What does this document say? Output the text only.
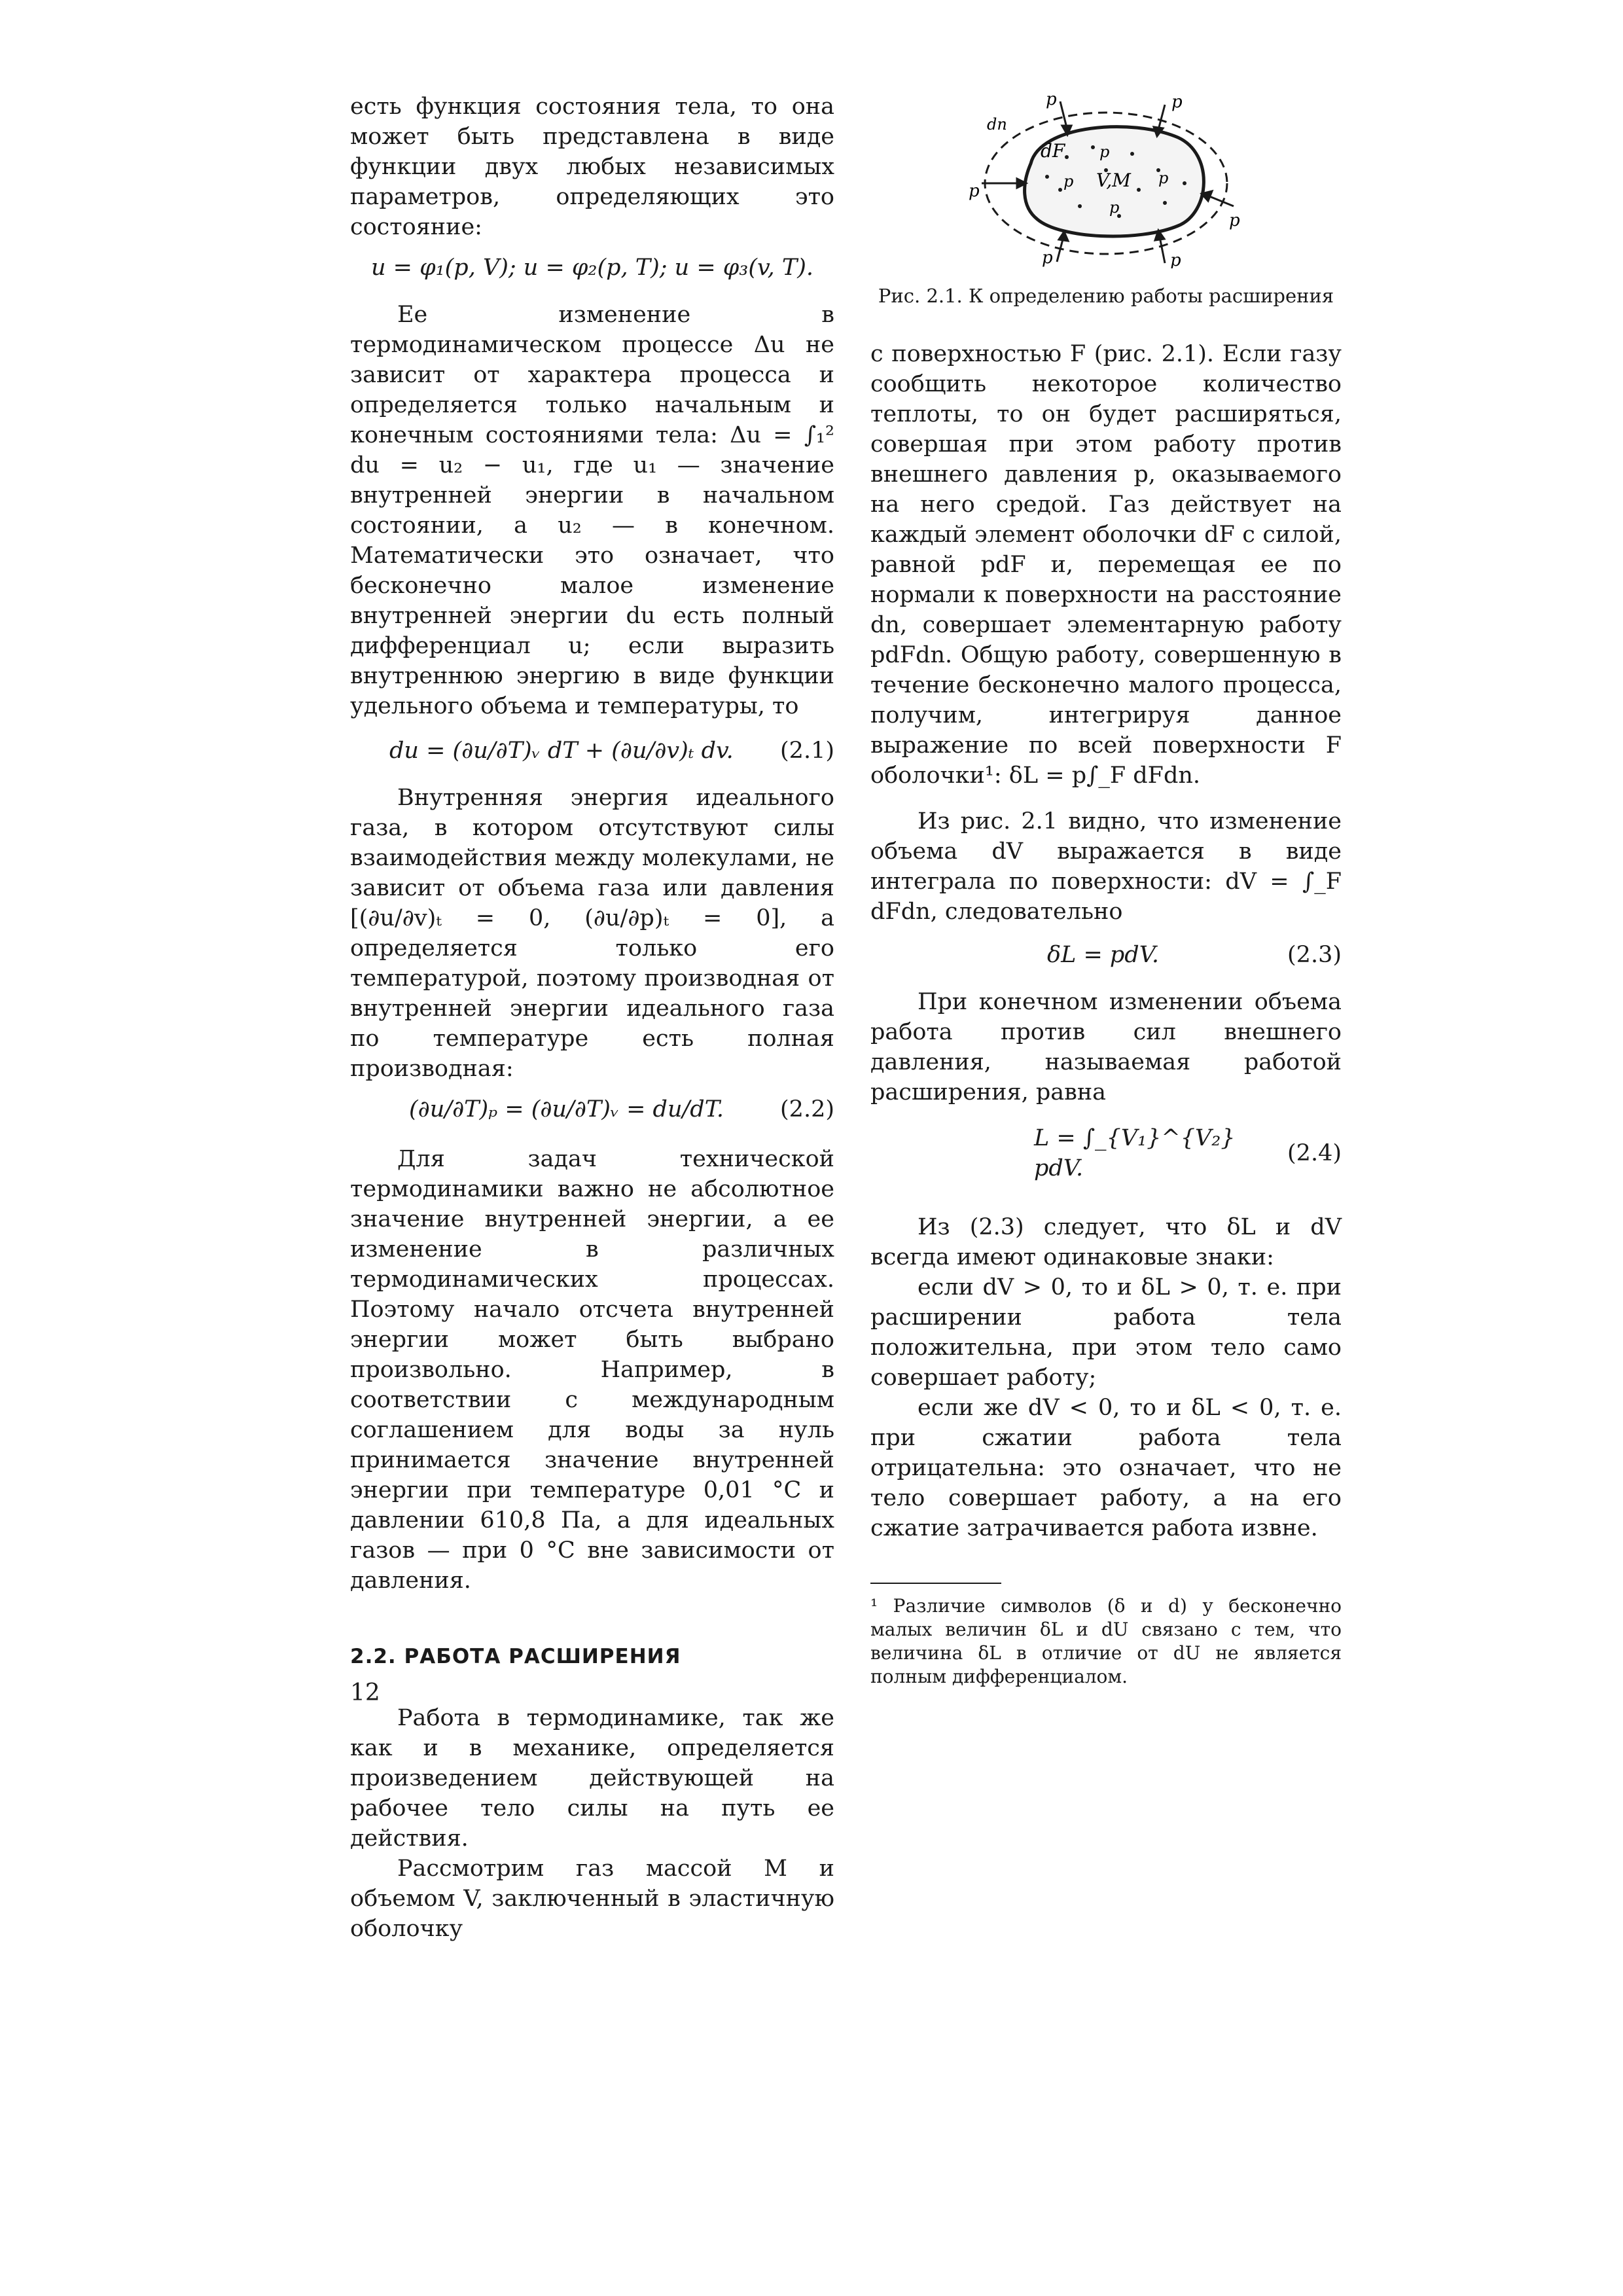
есть функция состояния тела, то она может быть представлена в виде функции двух любых независимых параметров, определяющих это состояние:

u = φ₁(p, V); u = φ₂(p, T); u = φ₃(v, T).

Ее изменение в термодинамическом процессе Δu не зависит от характера процесса и определяется только начальным и конечным состояниями тела: Δu = ∫₁² du = u₂ − u₁, где u₁ — значение внутренней энергии в начальном состоянии, а u₂ — в конечном. Математически это означает, что бесконечно малое изменение внутренней энергии du есть полный дифференциал u; если выразить внутреннюю энергию в виде функции удельного объема и температуры, то

du = (∂u/∂T)ᵥ dT + (∂u/∂v)ₜ dv. (2.1)

Внутренняя энергия идеального газа, в котором отсутствуют силы взаимодействия между молекулами, не зависит от объема газа или давления [(∂u/∂v)ₜ = 0, (∂u/∂p)ₜ = 0], а определяется только его температурой, поэтому производная от внутренней энергии идеального газа по температуре есть полная производная:

(∂u/∂T)ₚ = (∂u/∂T)ᵥ = du/dT. (2.2)

Для задач технической термодинамики важно не абсолютное значение внутренней энергии, а ее изменение в различных термодинамических процессах. Поэтому начало отсчета внутренней энергии может быть выбрано произвольно. Например, в соответствии с международным соглашением для воды за нуль принимается значение внутренней энергии при температуре 0,01 °C и давлении 610,8 Па, а для идеальных газов — при 0 °C вне зависимости от давления.

2.2. РАБОТА РАСШИРЕНИЯ

Работа в термодинамике, так же как и в механике, определяется произведением действующей на рабочее тело силы на путь ее действия.

Рассмотрим газ массой M и объемом V, заключенный в эластичную оболочку

12
p	p
p
p
p	p
dn
dF
V,M
p
p	p
p
Рис. 2.1. К определению работы расширения

с поверхностью F (рис. 2.1). Если газу сообщить некоторое количество теплоты, то он будет расширяться, совершая при этом работу против внешнего давления p, оказываемого на него средой. Газ действует на каждый элемент оболочки dF с силой, равной pdF и, перемещая ее по нормали к поверхности на расстояние dn, совершает элементарную работу pdFdn. Общую работу, совершенную в течение бесконечно малого процесса, получим, интегрируя данное выражение по всей поверхности F оболочки¹: δL = p∫_F dFdn.

Из рис. 2.1 видно, что изменение объема dV выражается в виде интеграла по поверхности: dV = ∫_F dFdn, следовательно

δL = pdV.	(2.3)

При конечном изменении объема работа против сил внешнего давления, называемая работой расширения, равна

L = ∫_{V₁}^{V₂} pdV.
(2.4)

Из (2.3) следует, что δL и dV всегда имеют одинаковые знаки:

если dV > 0, то и δL > 0, т. е. при расширении работа тела положительна, при этом тело само совершает работу;

если же dV < 0, то и δL < 0, т. е. при сжатии работа тела отрицательна: это означает, что не тело совершает работу, а на его сжатие затрачивается работа извне.

¹ Различие символов (δ и d) у бесконечно малых величин δL и dU связано с тем, что величина δL в отличие от dU не является полным дифференциалом.
